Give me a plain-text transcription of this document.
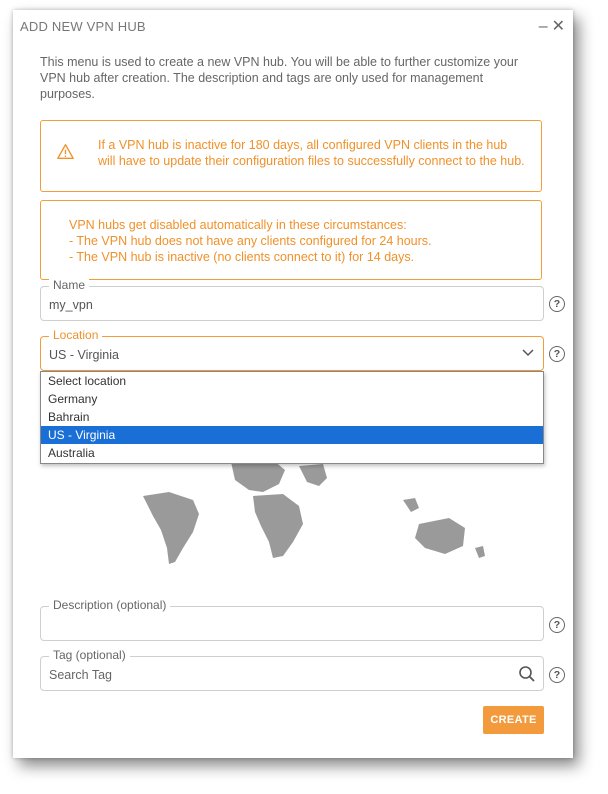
ADD NEW VPN HUB	– ✕
This menu is used to create a new VPN hub. You will be able to further customize your VPN hub after creation. The description and tags are only used for management purposes.
If a VPN hub is inactive for 180 days, all configured VPN clients in the hub will have to update their configuration files to successfully connect to the hub.
VPN hubs get disabled automatically in these circumstances:
- The VPN hub does not have any clients configured for 24 hours.
- The VPN hub is inactive (no clients connect to it) for 14 days.
Name
my_vpn	?
Location
US - Virginia	?
Select location
Germany
Bahrain
US - Virginia
Australia
Description (optional)
?
Tag (optional)
Search Tag	?
CREATE
